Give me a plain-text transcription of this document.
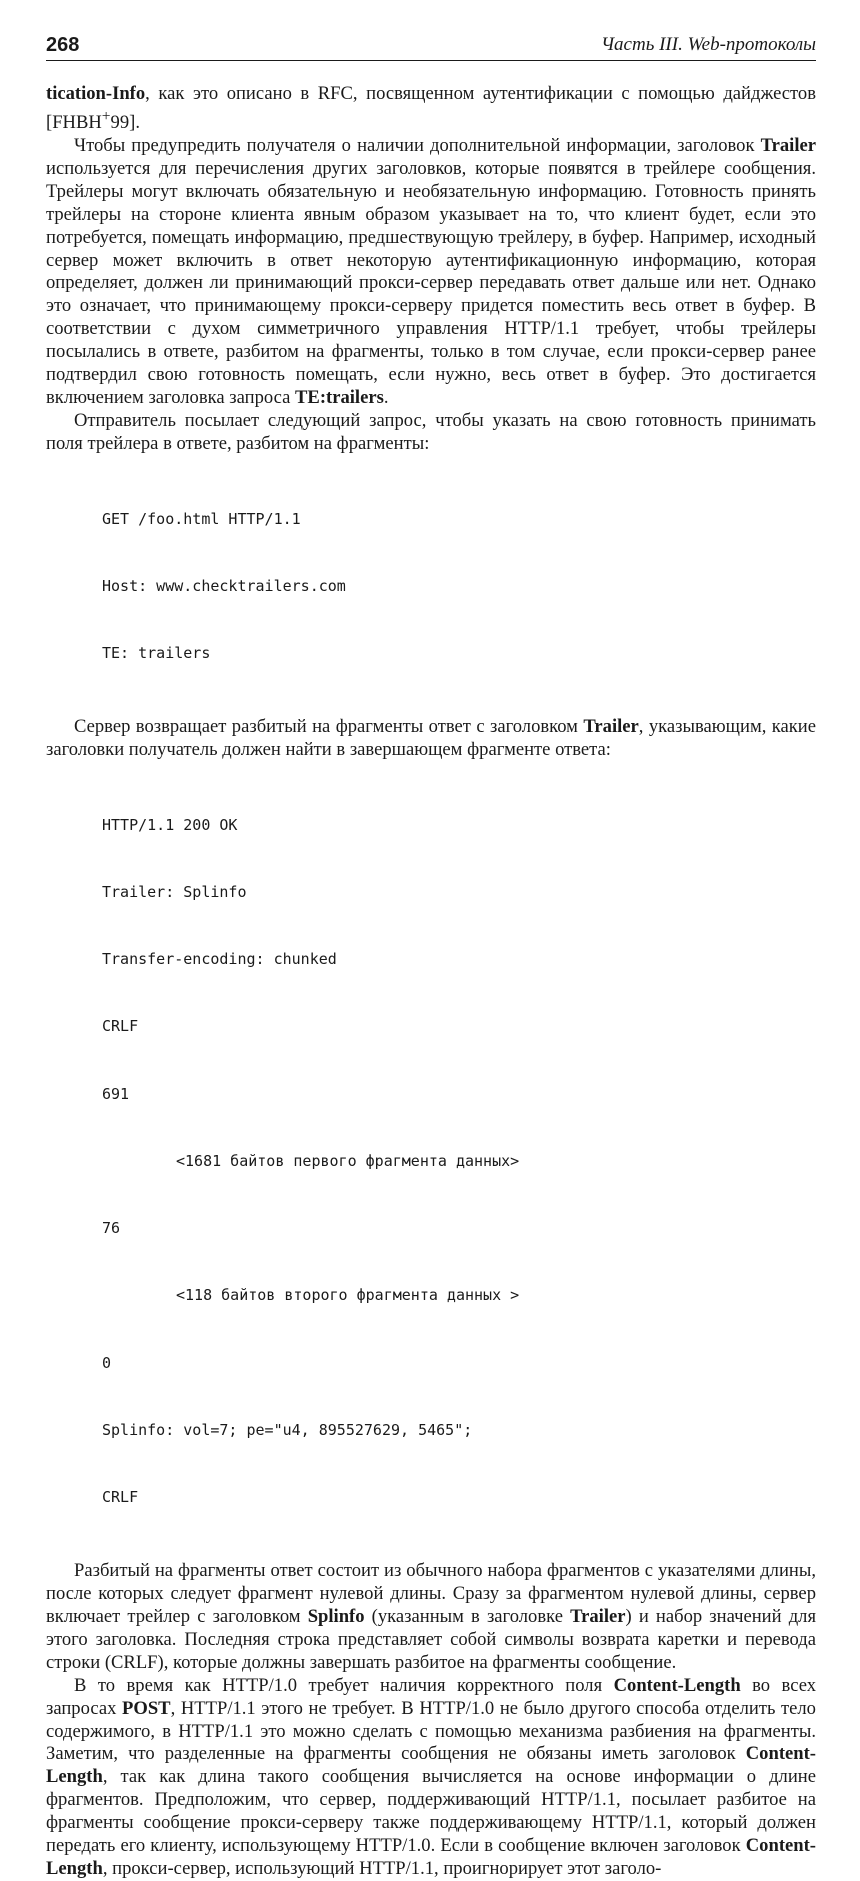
268	Часть III. Web-протоколы

tication-Info, как это описано в RFC, посвященном аутентификации с помощью дайджестов [FHBH+99].

Чтобы предупредить получателя о наличии дополнительной информации, заголовок Trailer используется для перечисления других заголовков, которые появятся в трейлере сообщения. Трейлеры могут включать обязательную и необязательную информацию. Готовность принять трейлеры на стороне клиента явным образом указывает на то, что клиент будет, если это потребуется, помещать информацию, предшествующую трейлеру, в буфер. Например, исходный сервер может включить в ответ некоторую аутентификационную информацию, которая определяет, должен ли принимающий прокси-сервер передавать ответ дальше или нет. Однако это означает, что принимающему прокси-серверу придется поместить весь ответ в буфер. В соответствии с духом симметричного управления HTTP/1.1 требует, чтобы трейлеры посылались в ответе, разбитом на фрагменты, только в том случае, если прокси-сервер ранее подтвердил свою готовность помещать, если нужно, весь ответ в буфер. Это достигается включением заголовка запроса TE:trailers.

Отправитель посылает следующий запрос, чтобы указать на свою готовность принимать поля трейлера в ответе, разбитом на фрагменты:

GET /foo.html HTTP/1.1

Host: www.checktrailers.com

TE: trailers

Сервер возвращает разбитый на фрагменты ответ с заголовком Trailer, указывающим, какие заголовки получатель должен найти в завершающем фрагменте ответа:

HTTP/1.1 200 OK

Trailer: Splinfo

Transfer-encoding: chunked

CRLF

691

<1681 байтов первого фрагмента данных>

76

<118 байтов второго фрагмента данных >

0

Splinfo: vol=7; pe="u4, 895527629, 5465";

CRLF

Разбитый на фрагменты ответ состоит из обычного набора фрагментов с указателями длины, после которых следует фрагмент нулевой длины. Сразу за фрагментом нулевой длины, сервер включает трейлер с заголовком Splinfo (указанным в заголовке Trailer) и набор значений для этого заголовка. Последняя строка представляет собой символы возврата каретки и перевода строки (CRLF), которые должны завершать разбитое на фрагменты сообщение.

В то время как HTTP/1.0 требует наличия корректного поля Content-Length во всех запросах POST, HTTP/1.1 этого не требует. В HTTP/1.0 не было другого способа отделить тело содержимого, в HTTP/1.1 это можно сделать с помощью механизма разбиения на фрагменты. Заметим, что разделенные на фрагменты сообщения не обязаны иметь заголовок Content-Length, так как длина такого сообщения вычисляется на основе информации о длине фрагментов. Предположим, что сервер, поддерживающий HTTP/1.1, посылает разбитое на фрагменты сообщение прокси-серверу также поддерживающему HTTP/1.1, который должен передать его клиенту, использующему HTTP/1.0. Если в сообщение включен заголовок Content-Length, прокси-сервер, использующий HTTP/1.1, проигнорирует этот заголо-
